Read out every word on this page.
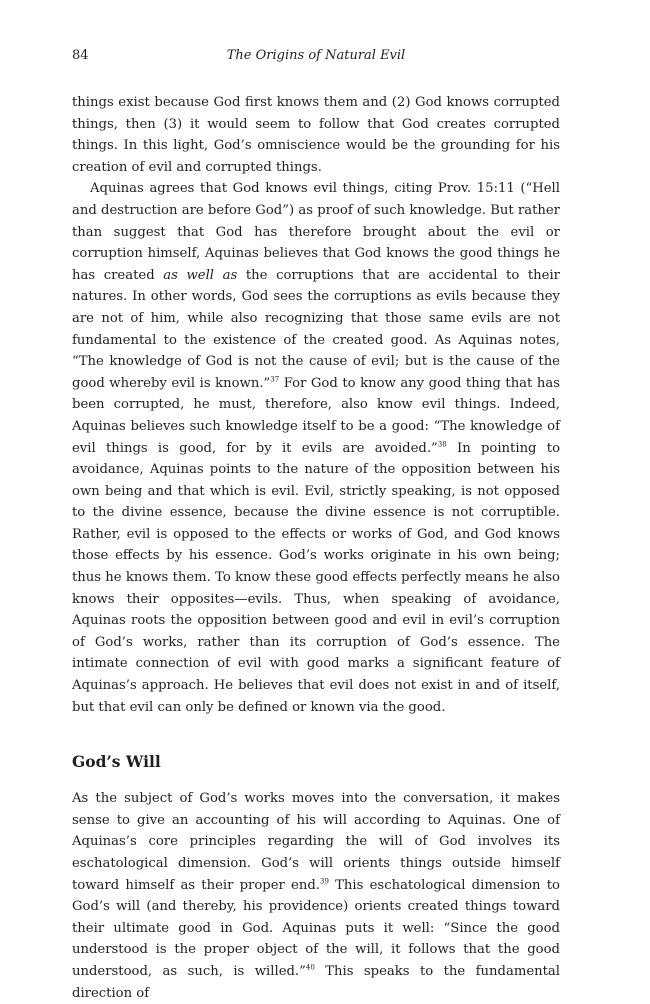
84	The Origins of Natural Evil

things exist because God first knows them and (2) God knows corrupted things, then (3) it would seem to follow that God creates corrupted things. In this light, God’s omniscience would be the grounding for his creation of evil and corrupted things.

Aquinas agrees that God knows evil things, citing Prov. 15:11 (“Hell and destruction are before God”) as proof of such knowledge. But rather than suggest that God has therefore brought about the evil or corruption himself, Aquinas believes that God knows the good things he has created as well as the corruptions that are accidental to their natures. In other words, God sees the corruptions as evils because they are not of him, while also recognizing that those same evils are not fundamental to the existence of the created good. As Aquinas notes, “The knowledge of God is not the cause of evil; but is the cause of the good whereby evil is known.”$^{37}$ For God to know any good thing that has been corrupted, he must, therefore, also know evil things. Indeed, Aquinas believes such knowledge itself to be a good: “The knowledge of evil things is good, for by it evils are avoided.”$^{38}$ In pointing to avoidance, Aquinas points to the nature of the opposition between his own being and that which is evil. Evil, strictly speaking, is not opposed to the divine essence, because the divine essence is not corruptible. Rather, evil is opposed to the effects or works of God, and God knows those effects by his essence. God’s works originate in his own being; thus he knows them. To know these good effects perfectly means he also knows their opposites—evils. Thus, when speaking of avoidance, Aquinas roots the opposition between good and evil in evil’s corruption of God’s works, rather than its corruption of God’s essence. The intimate connection of evil with good marks a significant feature of Aquinas’s approach. He believes that evil does not exist in and of itself, but that evil can only be defined or known via the good.

God’s Will

As the subject of God’s works moves into the conversation, it makes sense to give an accounting of his will according to Aquinas. One of Aquinas’s core principles regarding the will of God involves its eschatological dimension. God’s will orients things outside himself toward himself as their proper end.$^{39}$ This eschatological dimension to God’s will (and thereby, his providence) orients created things toward their ultimate good in God. Aquinas puts it well: “Since the good understood is the proper object of the will, it follows that the good understood, as such, is willed.”$^{40}$ This speaks to the fundamental direction of
